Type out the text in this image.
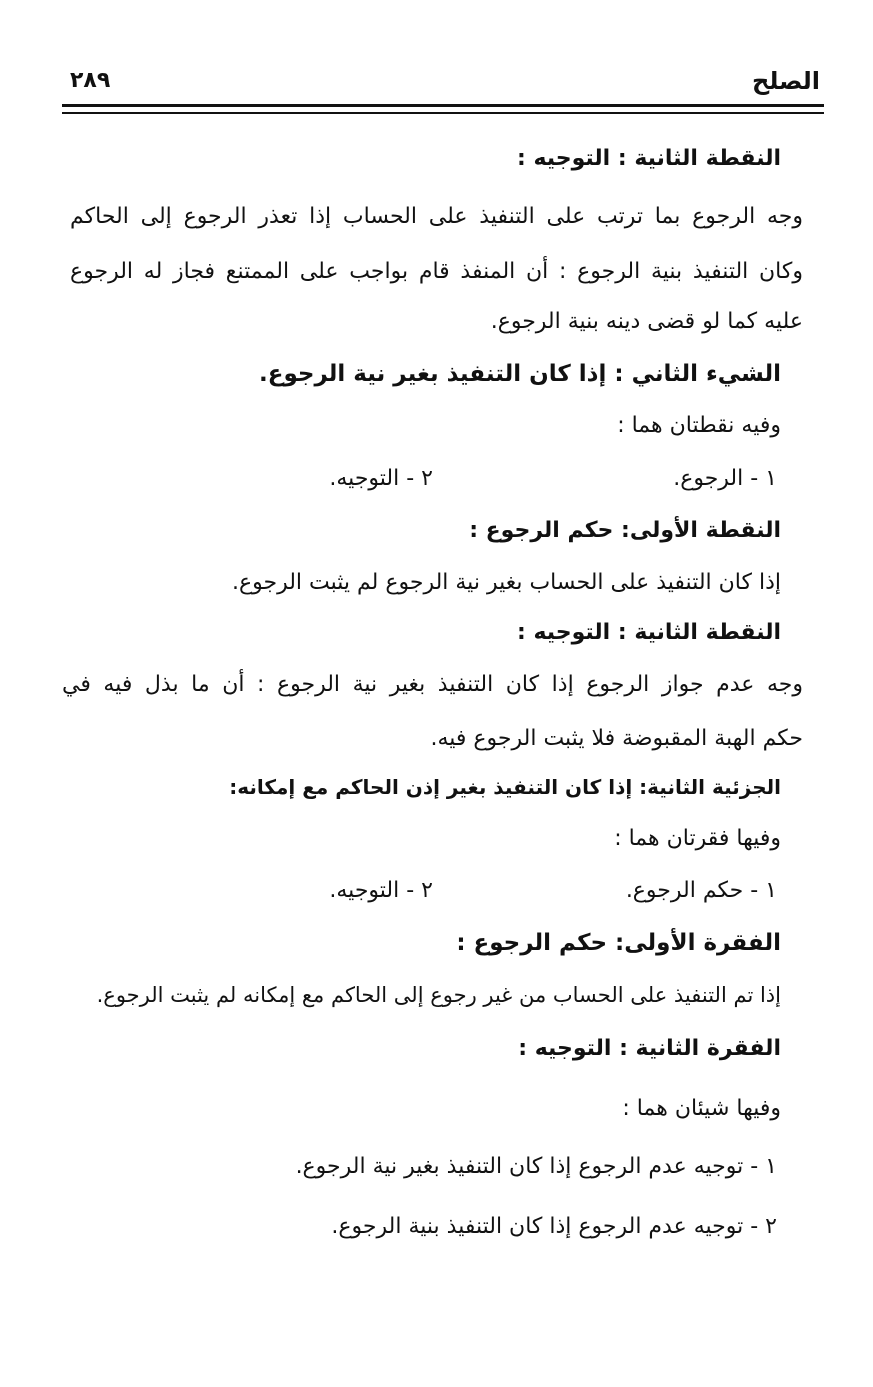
الصلح
٢٨٩
النقطة الثانية : التوجيه :
وجه الرجوع بما ترتب على التنفيذ على الحساب إذا تعذر الرجوع إلى الحاكم
وكان التنفيذ بنية الرجوع : أن المنفذ قام بواجب على الممتنع فجاز له الرجوع
عليه كما لو قضى دينه بنية الرجوع.
الشيء الثاني : إذا كان التنفيذ بغير نية الرجوع.
وفيه نقطتان هما :
١ - الرجوع.
٢ - التوجيه.
النقطة الأولى: حكم الرجوع :
إذا كان التنفيذ على الحساب بغير نية الرجوع لم يثبت الرجوع.
النقطة الثانية : التوجيه :
وجه عدم جواز الرجوع إذا كان التنفيذ بغير نية الرجوع : أن ما بذل فيه في
حكم الهبة المقبوضة فلا يثبت الرجوع فيه.
الجزئية الثانية: إذا كان التنفيذ بغير إذن الحاكم مع إمكانه:
وفيها فقرتان هما :
١ - حكم الرجوع.
٢ - التوجيه.
الفقرة الأولى: حكم الرجوع :
إذا تم التنفيذ على الحساب من غير رجوع إلى الحاكم مع إمكانه لم يثبت الرجوع.
الفقرة الثانية : التوجيه :
وفيها شيئان هما :
١ - توجيه عدم الرجوع إذا كان التنفيذ بغير نية الرجوع.
٢ - توجيه عدم الرجوع إذا كان التنفيذ بنية الرجوع.
